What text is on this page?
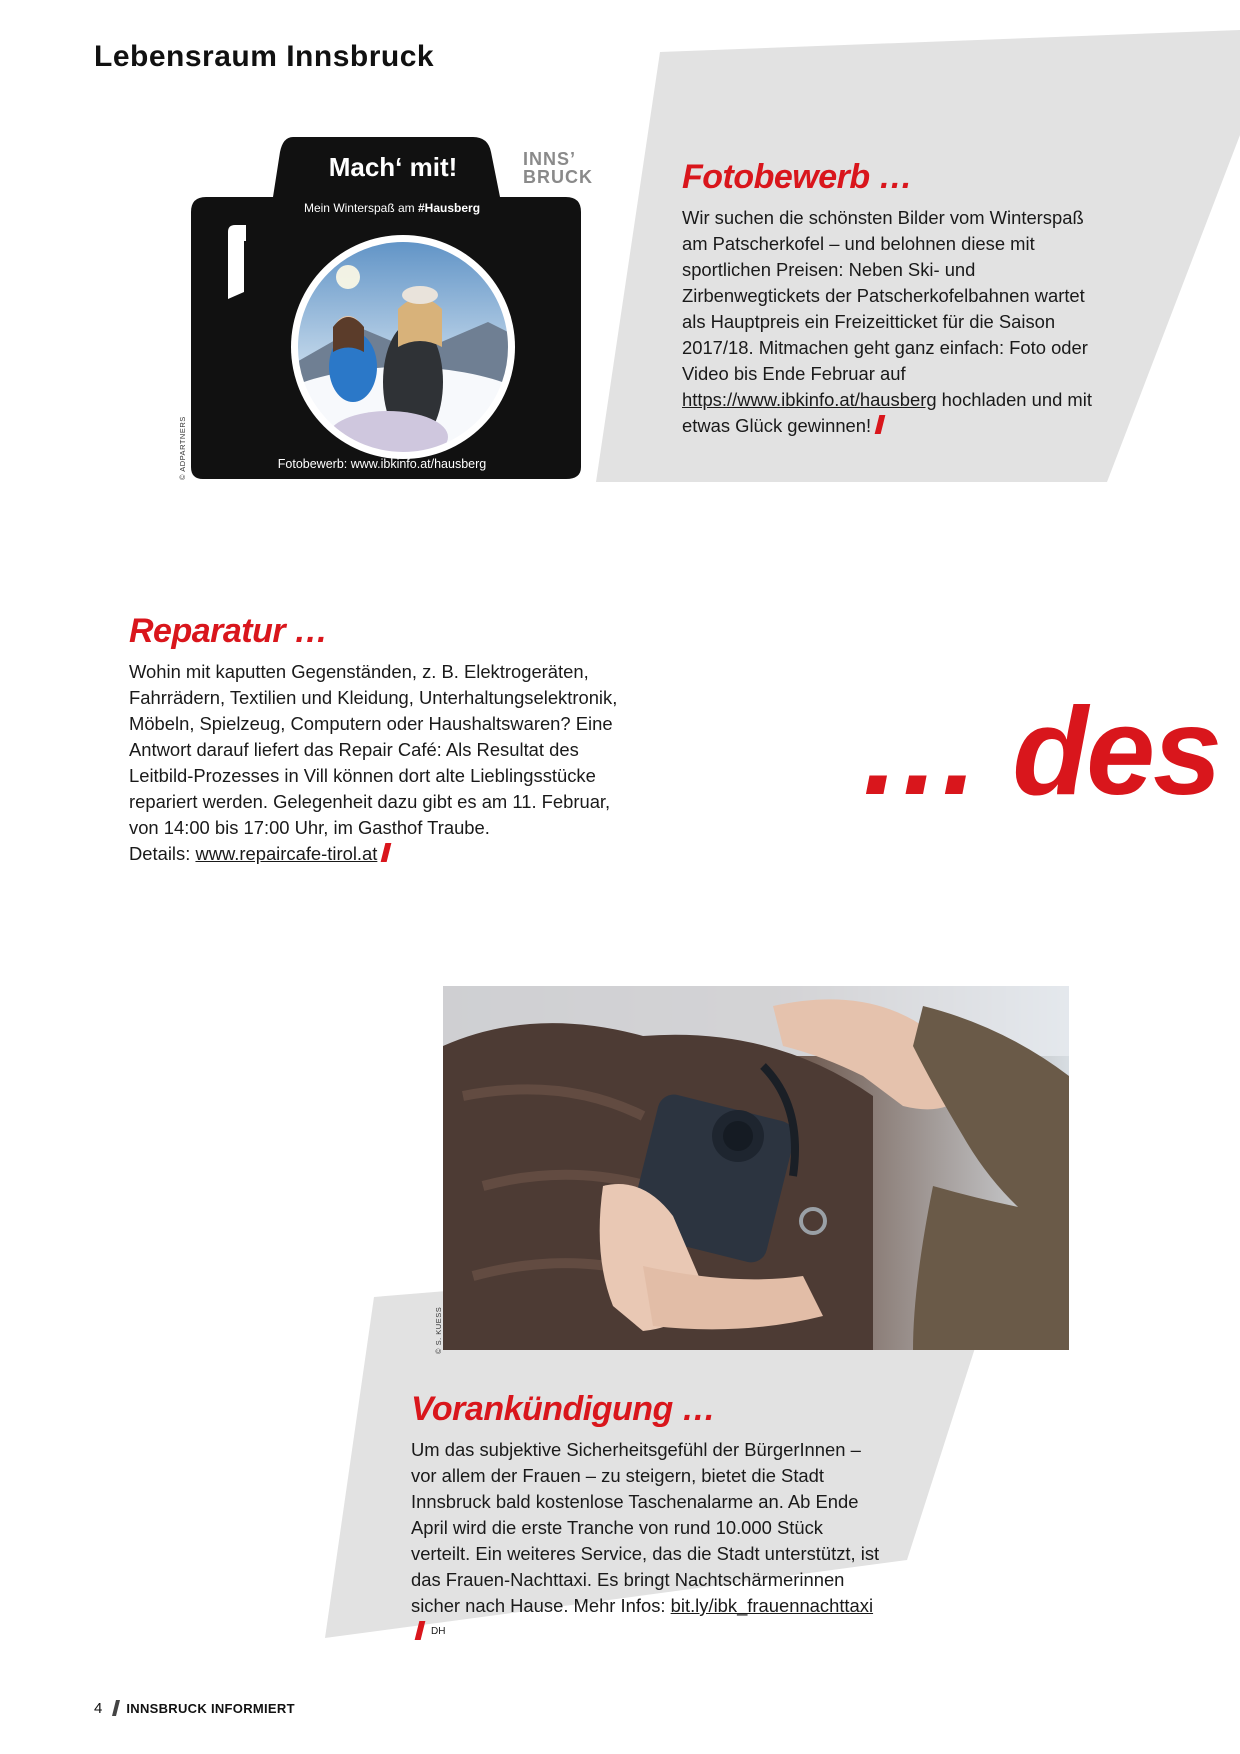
Lebensraum Innsbruck

Mach‘ mit!

Mein Winterspaß am #Hausberg

Fotobewerb: www.ibkinfo.at/hausberg

INNS’
BRUCK

© ADPARTNERS

Fotobewerb …

Wir suchen die schönsten Bilder vom Winterspaß am Patscherkofel – und belohnen diese mit sportlichen Preisen: Neben Ski- und Zirbenwegtickets der Patscherkofelbahnen wartet als Hauptpreis ein Freizeitticket für die Saison 2017/18. Mitmachen geht ganz einfach: Foto oder Video bis Ende Februar auf https://www.ibkinfo.at/hausberg hochladen und mit etwas Glück gewinnen!

Reparatur …

Wohin mit kaputten Gegenständen, z. B. Elektrogeräten, Fahrrädern, Textilien und Kleidung, Unterhaltungselektronik, Möbeln, Spielzeug, Computern oder Haushaltswaren? Eine Antwort darauf liefert das Repair Café: Als Resultat des Leitbild-Prozesses in Vill können dort alte Lieblingsstücke repariert werden. Gelegenheit dazu gibt es am 11. Februar, von 14:00 bis 17:00 Uhr, im Gasthof Traube.
Details: www.repaircafe-tirol.at

… des

© S. KUESS

Vorankündigung …

Um das subjektive Sicherheitsgefühl der BürgerInnen – vor allem der Frauen – zu steigern, bietet die Stadt Innsbruck bald kostenlose Taschenalarme an. Ab Ende April wird die erste Tranche von rund 10.000 Stück verteilt. Ein weiteres Service, das die Stadt unterstützt, ist das Frauen-Nachttaxi. Es bringt Nachtschärmerinnen sicher nach Hause. Mehr Infos: bit.ly/ibk_frauennachttaxi$^{DH}$

4 INNSBRUCK INFORMIERT
